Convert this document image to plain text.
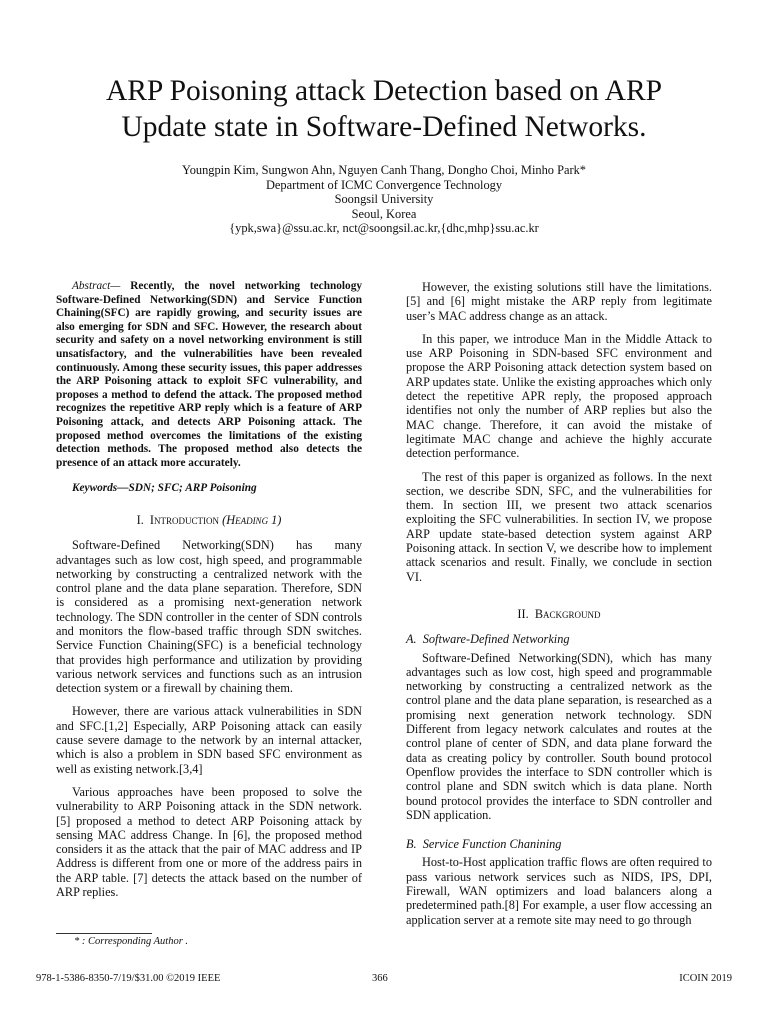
ARP Poisoning attack Detection based on ARP
Update state in Software-Defined Networks.
Youngpin Kim, Sungwon Ahn, Nguyen Canh Thang, Dongho Choi, Minho Park*
Department of ICMC Convergence Technology
Soongsil University
Seoul, Korea
{ypk,swa}@ssu.ac.kr, nct@soongsil.ac.kr,{dhc,mhp}ssu.ac.kr

Abstract— Recently, the novel networking technology Software-Defined Networking(SDN) and Service Function Chaining(SFC) are rapidly growing, and security issues are also emerging for SDN and SFC. However, the research about security and safety on a novel networking environment is still unsatisfactory, and the vulnerabilities have been revealed continuously. Among these security issues, this paper addresses the ARP Poisoning attack to exploit SFC vulnerability, and proposes a method to defend the attack. The proposed method recognizes the repetitive ARP reply which is a feature of ARP Poisoning attack, and detects ARP Poisoning attack. The proposed method overcomes the limitations of the existing detection methods. The proposed method also detects the presence of an attack more accurately.

Keywords—SDN; SFC; ARP Poisoning

I. Introduction (Heading 1)

Software-Defined Networking(SDN) has many advantages such as low cost, high speed, and programmable networking by constructing a centralized network with the control plane and the data plane separation. Therefore, SDN is considered as a promising next-generation network technology. The SDN controller in the center of SDN controls and monitors the flow-based traffic through SDN switches. Service Function Chaining(SFC) is a beneficial technology that provides high performance and utilization by providing various network services and functions such as an intrusion detection system or a firewall by chaining them.

However, there are various attack vulnerabilities in SDN and SFC.[1,2] Especially, ARP Poisoning attack can easily cause severe damage to the network by an internal attacker, which is also a problem in SDN based SFC environment as well as existing network.[3,4]

Various approaches have been proposed to solve the vulnerability to ARP Poisoning attack in the SDN network. [5] proposed a method to detect ARP Poisoning attack by sensing MAC address Change. In [6], the proposed method considers it as the attack that the pair of MAC address and IP Address is different from one or more of the address pairs in the ARP table. [7] detects the attack based on the number of ARP replies.

However, the existing solutions still have the limitations. [5] and [6] might mistake the ARP reply from legitimate user’s MAC address change as an attack.

In this paper, we introduce Man in the Middle Attack to use ARP Poisoning in SDN-based SFC environment and propose the ARP Poisoning attack detection system based on ARP updates state. Unlike the existing approaches which only detect the repetitive APR reply, the proposed approach identifies not only the number of ARP replies but also the MAC change. Therefore, it can avoid the mistake of legitimate MAC change and achieve the highly accurate detection performance.

The rest of this paper is organized as follows. In the next section, we describe SDN, SFC, and the vulnerabilities for them. In section III, we present two attack scenarios exploiting the SFC vulnerabilities. In section IV, we propose ARP update state-based detection system against ARP Poisoning attack. In section V, we describe how to implement attack scenarios and result. Finally, we conclude in section VI.

II. Background
A. Software-Defined Networking

Software-Defined Networking(SDN), which has many advantages such as low cost, high speed and programmable networking by constructing a centralized network as the control plane and the data plane separation, is researched as a promising next generation network technology. SDN Different from legacy network calculates and routes at the control plane of center of SDN, and data plane forward the data as creating policy by controller. South bound protocol Openflow provides the interface to SDN controller which is control plane and SDN switch which is data plane. North bound protocol provides the interface to SDN controller and SDN application.

B. Service Function Chanining

Host-to-Host application traffic flows are often required to pass various network services such as NIDS, IPS, DPI, Firewall, WAN optimizers and load balancers along a predetermined path.[8] For example, a user flow accessing an application server at a remote site may need to go through

* : Corresponding Author .
978-1-5386-8350-7/19/$31.00 ©2019 IEEE	366	ICOIN 2019
